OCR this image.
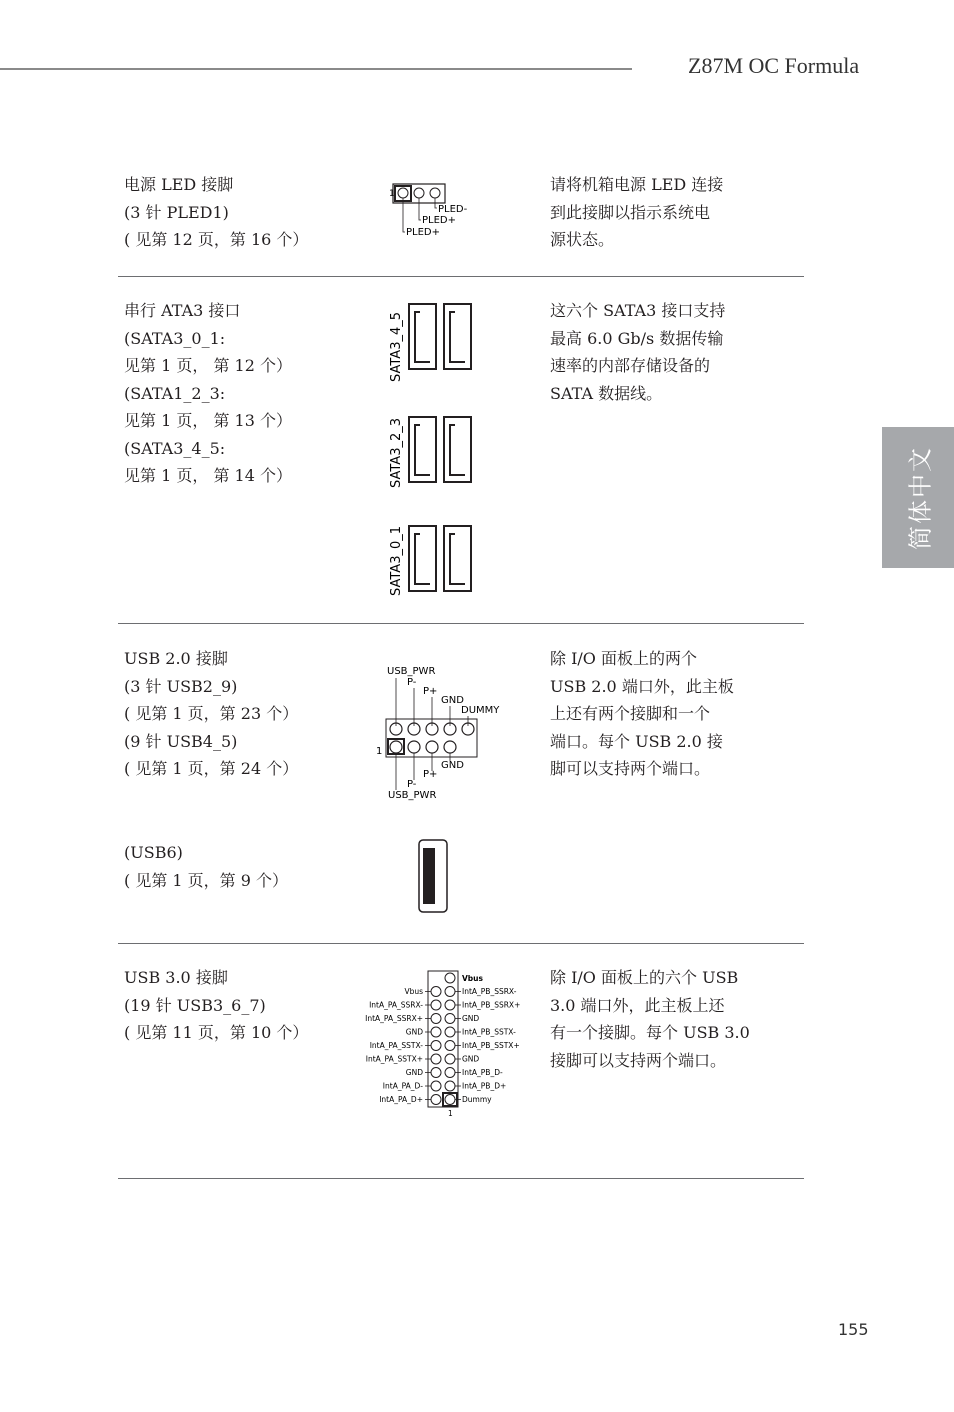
Z87M OC Formula
简体中文
电源 LED 接脚
(3 针 PLED1)
( 见第 12 页，第 16 个）
1
PLED-
PLED+
PLED+
请将机箱电源 LED 连接
到此接脚以指示系统电
源状态。
串行 ATA3 接口
(SATA3_0_1:
见第 1 页， 第 12 个）
(SATA1_2_3:
见第 1 页， 第 13 个）
(SATA3_4_5:
见第 1 页， 第 14 个）
SATA3_4_5
SATA3_2_3
SATA3_0_1
这六个 SATA3 接口支持
最高 6.0 Gb/s 数据传输
速率的内部存储设备的
SATA 数据线。
USB 2.0 接脚
(3 针 USB2_9)
( 见第 1 页，第 23 个）
(9 针 USB4_5)
( 见第 1 页，第 24 个）
USB_PWR
P-
P+
GND
DUMMY
1
GND
P+
P-
USB_PWR
除 I/O 面板上的两个
USB 2.0 端口外，此主板
上还有两个接脚和一个
端口。每个 USB 2.0 接
脚可以支持两个端口。
(USB6)
( 见第 1 页，第 9 个）
USB 3.0 接脚
(19 针 USB3_6_7)
( 见第 11 页，第 10 个）
Vbus
IntA_PA_SSRX-
IntA_PA_SSRX+
GND
IntA_PA_SSTX-
IntA_PA_SSTX+
GND
IntA_PA_D-
IntA_PA_D+
Vbus
IntA_PB_SSRX-
IntA_PB_SSRX+
GND
IntA_PB_SSTX-
IntA_PB_SSTX+
GND
IntA_PB_D-
IntA_PB_D+
Dummy
1
除 I/O 面板上的六个 USB
3.0 端口外，此主板上还
有一个接脚。每个 USB 3.0
接脚可以支持两个端口。
155
